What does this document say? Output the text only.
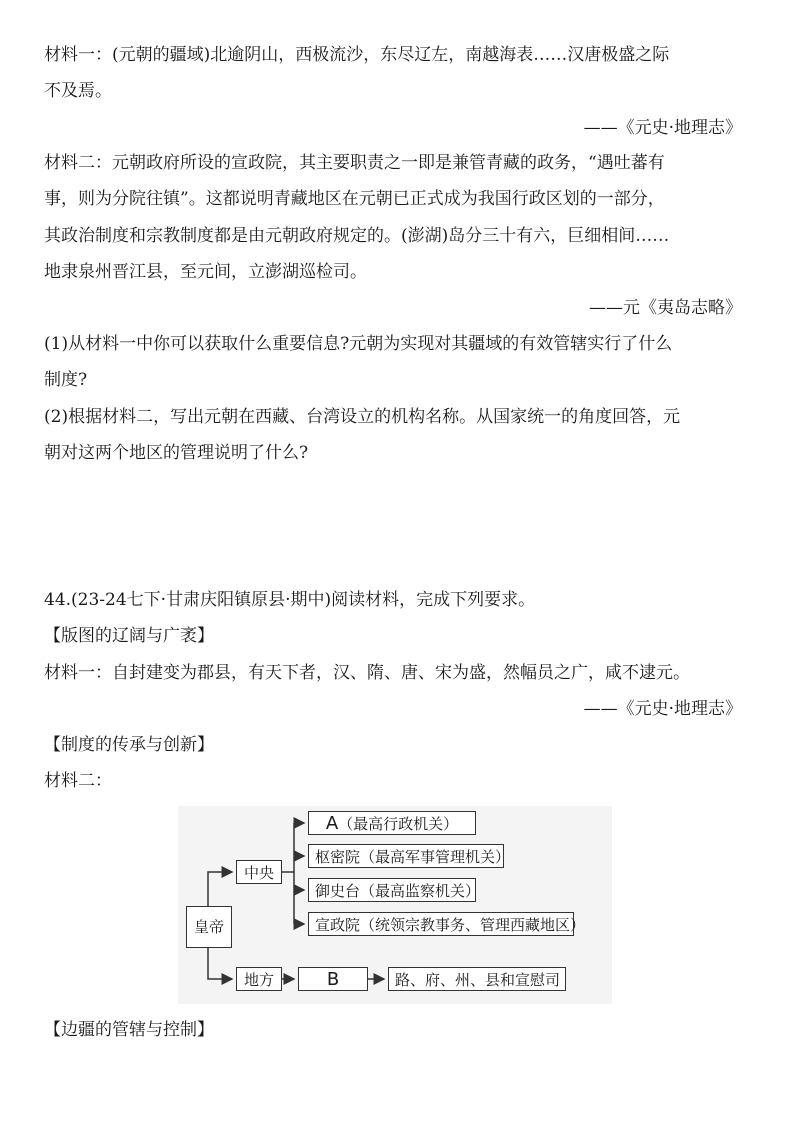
材料一：(元朝的疆域)北逾阴山，西极流沙，东尽辽左，南越海表……汉唐极盛之际
不及焉。
——《元史·地理志》
材料二：元朝政府所设的宣政院，其主要职责之一即是兼管青藏的政务，“遇吐蕃有
事，则为分院往镇”。这都说明青藏地区在元朝已正式成为我国行政区划的一部分，
其政治制度和宗教制度都是由元朝政府规定的。(澎湖)岛分三十有六，巨细相间……
地隶泉州晋江县，至元间，立澎湖巡检司。
——元《夷岛志略》
(1)从材料一中你可以获取什么重要信息?元朝为实现对其疆域的有效管辖实行了什么
制度?
(2)根据材料二，写出元朝在西藏、台湾设立的机构名称。从国家统一的角度回答，元
朝对这两个地区的管理说明了什么?
44.(23-24七下·甘肃庆阳镇原县·期中)阅读材料，完成下列要求。
【版图的辽阔与广袤】
材料一：自封建变为郡县，有天下者，汉、隋、唐、宋为盛，然幅员之广，咸不逮元。
——《元史·地理志》
【制度的传承与创新】
材料二：
皇帝
中央
地方
A（最高行政机关）
枢密院（最高军事管理机关）
御史台（最高监察机关）
宣政院（统领宗教事务、管理西藏地区）
B	路、府、州、县和宣慰司
【边疆的管辖与控制】
